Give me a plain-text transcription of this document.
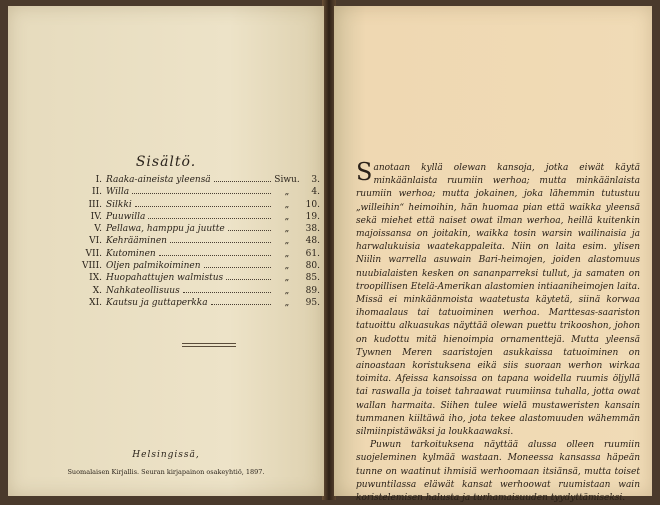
Sisältö.
I. Raaka-aineista yleensä	Siwu.	3.
II. Willa	„	4.
III. Silkki	„	10.
IV. Puuwilla	„	19.
V. Pellawa, hamppu ja juutte	„	38.
VI. Kehrääminen	„	48.
VII. Kutominen	„	61.
VIII. Oljen palmikoiminen	„	80.
IX. Huopahattujen walmistus	„	85.
X. Nahkateollisuus	„	89.
XI. Kautsu ja guttaperkka	„	95.
Helsingissä,
Suomalaisen Kirjallis. Seuran kirjapainon osakeyhtiö, 1897.

Sanotaan kyllä olewan kansoja, jotka eiwät käytä minkäänlaista ruumiin werhoa; mutta minkäänlaista ruumiin werhoa; mutta jokainen, joka lähemmin tutustuu „willeihin“ heimoihin, hän huomaa pian että waikka yleensä sekä miehet että naiset owat ilman werhoa, heillä kuitenkin majoissansa on joitakin, waikka tosin warsin wailinaisia ja harwalukuisia waatekappaleita. Niin on laita esim. ylisen Niilin warrella asuwain Bari-heimojen, joiden alastomuus nuubialaisten kesken on sananparreksi tullut, ja samaten on troopillisen Etelä-Amerikan alastomien intiaaniheimojen laita. Missä ei minkäänmoista waatetusta käytetä, siinä korwaa ihomaalaus tai tatuoiminen werhoa. Marttesas-saariston tatuoittu alkuasukas näyttää olewan puettu trikooshon, johon on kudottu mitä hienoimpia ornamenttejä. Mutta yleensä Tywnen Meren saaristojen asukkaissa tatuoiminen on ainoastaan koristuksena eikä siis suoraan werhon wirkaa toimita. Afeissa kansoissa on tapana woidella ruumis öljyllä tai raswalla ja toiset tahraawat ruumiinsa tuhalla, jotta owat wallan harmaita. Siihen tulee wielä mustaweristen kansain tummanen kiiltäwä iho, jota tekee alastomuuden wähemmän silmiinpistäwäksi ja loukkaawaksi.

Puwun tarkoituksena näyttää alussa olleen ruumiin suojeleminen kylmää wastaan. Moneessa kansassa häpeän tunne on waatinut ihmisiä werhoomaan itsiänsä, mutta toiset puwuntilassa eläwät kansat werhoowat ruumistaan wain koristelemisen halusta ja turhamaisuuden tyydyttämiseksi.
